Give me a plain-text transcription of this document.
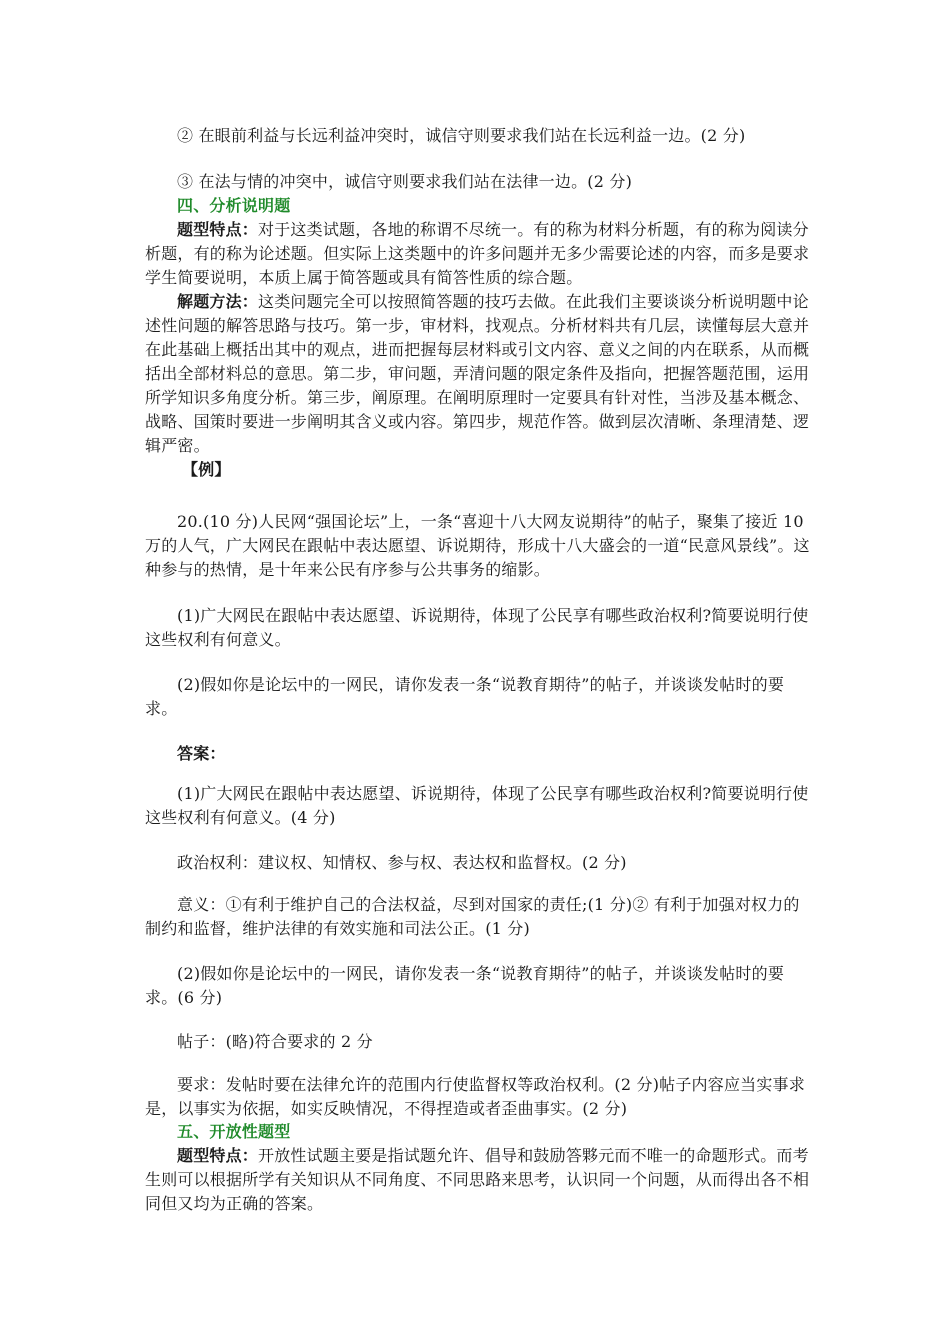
② 在眼前利益与长远利益冲突时，诚信守则要求我们站在长远利益一边。(2 分)

③ 在法与情的冲突中，诚信守则要求我们站在法律一边。(2 分)

四、分析说明题

题型特点：对于这类试题，各地的称谓不尽统一。有的称为材料分析题，有的称为阅读分析题，有的称为论述题。但实际上这类题中的许多问题并无多少需要论述的内容，而多是要求学生简要说明，本质上属于简答题或具有简答性质的综合题。

解题方法：这类问题完全可以按照简答题的技巧去做。在此我们主要谈谈分析说明题中论述性问题的解答思路与技巧。第一步，审材料，找观点。分析材料共有几层，读懂每层大意并在此基础上概括出其中的观点，进而把握每层材料或引文内容、意义之间的内在联系，从而概括出全部材料总的意思。第二步，审问题，弄清问题的限定条件及指向，把握答题范围，运用所学知识多角度分析。第三步，阐原理。在阐明原理时一定要具有针对性，当涉及基本概念、战略、国策时要进一步阐明其含义或内容。第四步，规范作答。做到层次清晰、条理清楚、逻辑严密。

【例】

20.(10 分)人民网“强国论坛”上，一条“喜迎十八大网友说期待”的帖子，聚集了接近 10 万的人气，广大网民在跟帖中表达愿望、诉说期待，形成十八大盛会的一道“民意风景线”。这种参与的热情，是十年来公民有序参与公共事务的缩影。

(1)广大网民在跟帖中表达愿望、诉说期待，体现了公民享有哪些政治权利?简要说明行使这些权利有何意义。

(2)假如你是论坛中的一网民，请你发表一条“说教育期待”的帖子，并谈谈发帖时的要求。

答案：

(1)广大网民在跟帖中表达愿望、诉说期待，体现了公民享有哪些政治权利?简要说明行使这些权利有何意义。(4 分)

政治权利：建议权、知情权、参与权、表达权和监督权。(2 分)

意义：①有利于维护自己的合法权益，尽到对国家的责任;(1 分)② 有利于加强对权力的制约和监督，维护法律的有效实施和司法公正。(1 分)

(2)假如你是论坛中的一网民，请你发表一条“说教育期待”的帖子，并谈谈发帖时的要求。(6 分)

帖子：(略)符合要求的 2 分

要求：发帖时要在法律允许的范围内行使监督权等政治权利。(2 分)帖子内容应当实事求是，以事实为依据，如实反映情况，不得捏造或者歪曲事实。(2 分)

五、开放性题型

题型特点：开放性试题主要是指试题允许、倡导和鼓励答夥元而不唯一的命题形式。而考生则可以根据所学有关知识从不同角度、不同思路来思考，认识同一个问题，从而得出各不相同但又均为正确的答案。
